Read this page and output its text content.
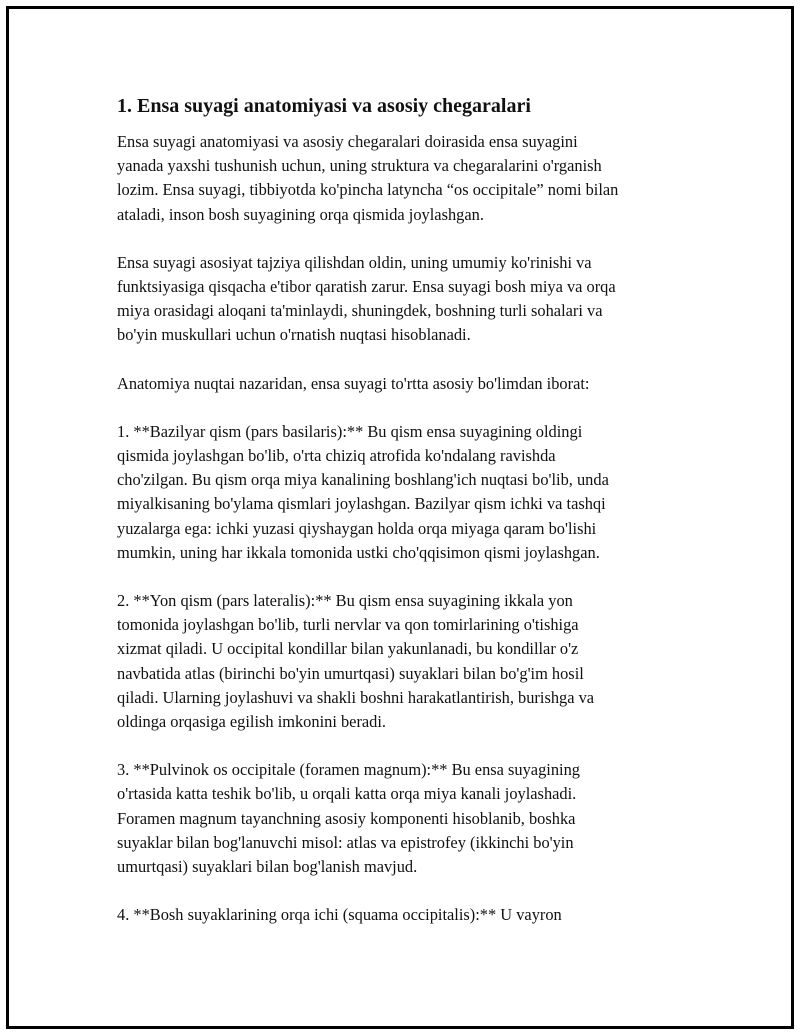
1. Ensa suyagi anatomiyasi va asosiy chegaralari

Ensa suyagi anatomiyasi va asosiy chegaralari doirasida ensa suyagini
yanada yaxshi tushunish uchun, uning struktura va chegaralarini o'rganish
lozim. Ensa suyagi, tibbiyotda ko'pincha latyncha “os occipitale” nomi bilan
ataladi, inson bosh suyagining orqa qismida joylashgan.

Ensa suyagi asosiyat tajziya qilishdan oldin, uning umumiy ko'rinishi va
funktsiyasiga qisqacha e'tibor qaratish zarur. Ensa suyagi bosh miya va orqa
miya orasidagi aloqani ta'minlaydi, shuningdek, boshning turli sohalari va
bo'yin muskullari uchun o'rnatish nuqtasi hisoblanadi.

Anatomiya nuqtai nazaridan, ensa suyagi to'rtta asosiy bo'limdan iborat:

1. **Bazilyar qism (pars basilaris):** Bu qism ensa suyagining oldingi
qismida joylashgan bo'lib, o'rta chiziq atrofida ko'ndalang ravishda
cho'zilgan. Bu qism orqa miya kanalining boshlang'ich nuqtasi bo'lib, unda
miyalkisaning bo'ylama qismlari joylashgan. Bazilyar qism ichki va tashqi
yuzalarga ega: ichki yuzasi qiyshaygan holda orqa miyaga qaram bo'lishi
mumkin, uning har ikkala tomonida ustki cho'qqisimon qismi joylashgan.

2. **Yon qism (pars lateralis):** Bu qism ensa suyagining ikkala yon
tomonida joylashgan bo'lib, turli nervlar va qon tomirlarining o'tishiga
xizmat qiladi. U occipital kondillar bilan yakunlanadi, bu kondillar o'z
navbatida atlas (birinchi bo'yin umurtqasi) suyaklari bilan bo'g'im hosil
qiladi. Ularning joylashuvi va shakli boshni harakatlantirish, burishga va
oldinga orqasiga egilish imkonini beradi.

3. **Pulvinok os occipitale (foramen magnum):** Bu ensa suyagining
o'rtasida katta teshik bo'lib, u orqali katta orqa miya kanali joylashadi.
Foramen magnum tayanchning asosiy komponenti hisoblanib, boshka
suyaklar bilan bog'lanuvchi misol: atlas va epistrofey (ikkinchi bo'yin
umurtqasi) suyaklari bilan bog'lanish mavjud.

4. **Bosh suyaklarining orqa ichi (squama occipitalis):** U vayron
